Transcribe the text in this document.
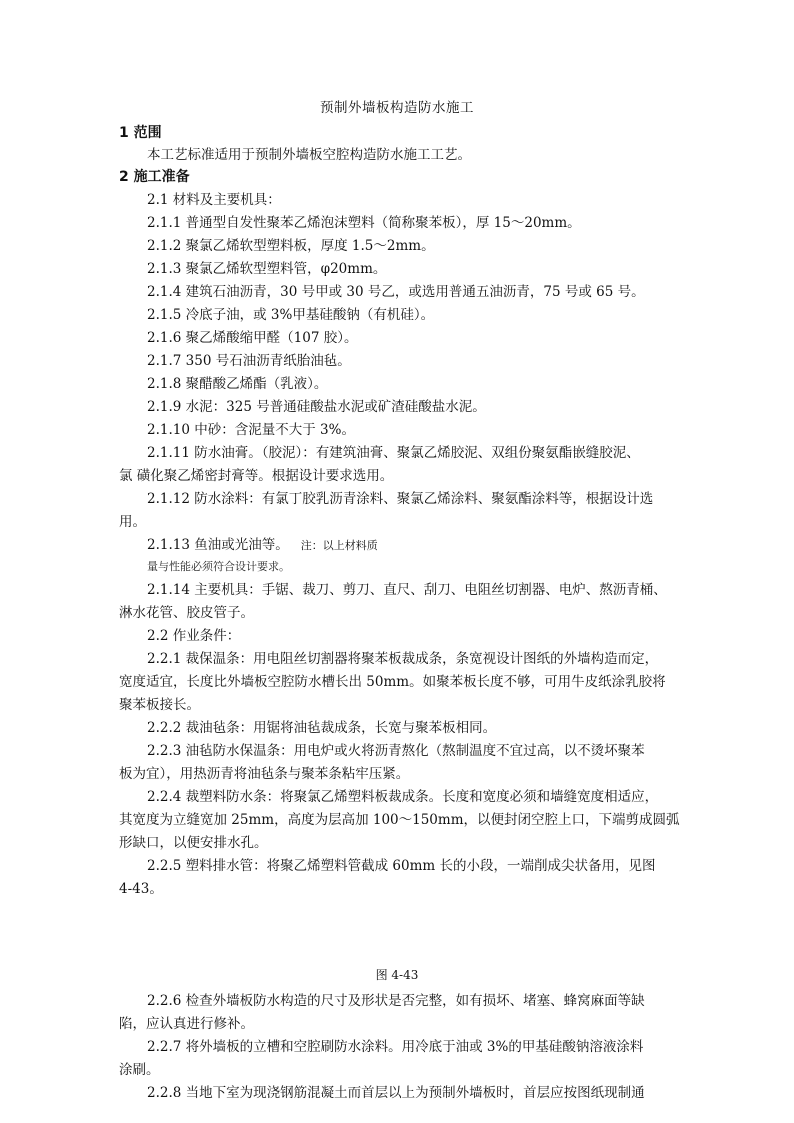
预制外墙板构造防水施工
1 范围
本工艺标准适用于预制外墙板空腔构造防水施工工艺。
2 施工准备
2.1 材料及主要机具：
2.1.1 普通型自发性聚苯乙烯泡沫塑料（简称聚苯板），厚 15～20mm。
2.1.2 聚氯乙烯软型塑料板，厚度 1.5～2mm。
2.1.3 聚氯乙烯软型塑料管，φ20mm。
2.1.4 建筑石油沥青，30 号甲或 30 号乙，或选用普通五油沥青，75 号或 65 号。
2.1.5 冷底子油，或 3%甲基硅酸钠（有机硅）。
2.1.6 聚乙烯酸缩甲醛（107 胶）。
2.1.7 350 号石油沥青纸胎油毡。
2.1.8 聚醋酸乙烯酯（乳液）。
2.1.9 水泥：325 号普通硅酸盐水泥或矿渣硅酸盐水泥。
2.1.10 中砂：含泥量不大于 3%。
2.1.11 防水油膏。（胶泥）：有建筑油膏、聚氯乙烯胶泥、双组份聚氨酯嵌缝胶泥、
氯 磺化聚乙烯密封膏等。根据设计要求选用。
2.1.12 防水涂料：有氯丁胶乳沥青涂料、聚氯乙烯涂料、聚氨酯涂料等，根据设计选
用。
2.1.13 鱼油或光油等。 注：以上材料质
量与性能必须符合设计要求。
2.1.14 主要机具：手锯、裁刀、剪刀、直尺、刮刀、电阻丝切割器、电炉、熬沥青桶、
淋水花管、胶皮管子。
2.2 作业条件：
2.2.1 裁保温条：用电阻丝切割器将聚苯板裁成条，条宽视设计图纸的外墙构造而定，
宽度适宜，长度比外墙板空腔防水槽长出 50mm。如聚苯板长度不够，可用牛皮纸涂乳胶将
聚苯板接长。
2.2.2 裁油毡条：用锯将油毡裁成条，长宽与聚苯板相同。
2.2.3 油毡防水保温条：用电炉或火将沥青熬化（熬制温度不宜过高，以不烫坏聚苯
板为宜），用热沥青将油毡条与聚苯条粘牢压紧。
2.2.4 裁塑料防水条：将聚氯乙烯塑料板裁成条。长度和宽度必须和墙缝宽度相适应，
其宽度为立缝宽加 25mm，高度为层高加 100～150mm，以便封闭空腔上口，下端剪成圆弧
形缺口，以便安排水孔。
2.2.5 塑料排水管：将聚乙烯塑料管截成 60mm 长的小段，一端削成尖状备用，见图
4-43。
图 4-43
2.2.6 检查外墙板防水构造的尺寸及形状是否完整，如有损坏、堵塞、蜂窝麻面等缺
陷，应认真进行修补。
2.2.7 将外墙板的立槽和空腔刷防水涂料。用冷底于油或 3%的甲基硅酸钠溶液涂料
涂刷。
2.2.8 当地下室为现浇钢筋混凝土而首层以上为预制外墙板时，首层应按图纸现制通
